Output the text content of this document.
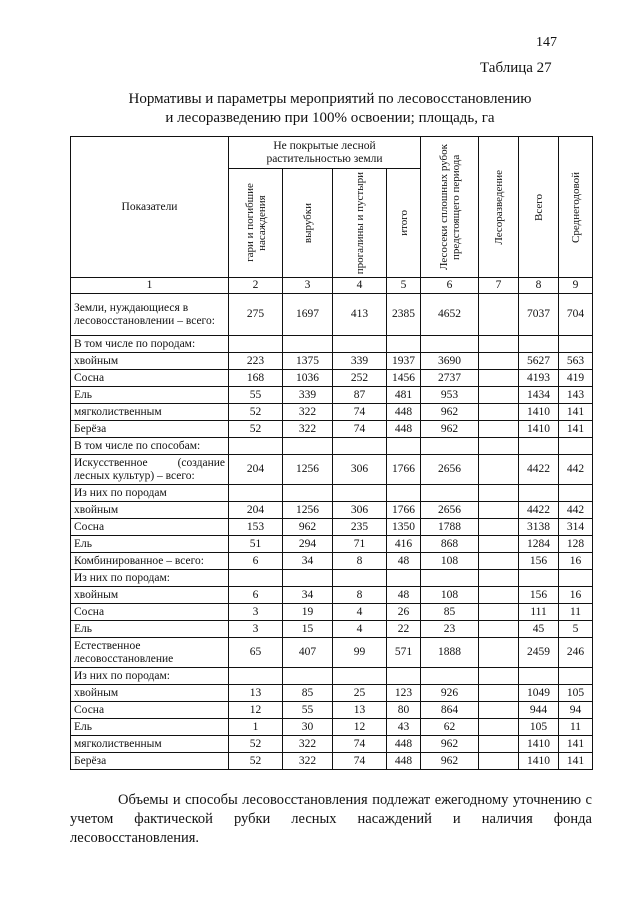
147
Таблица 27
Нормативы и параметры мероприятий по лесовосстановлению
и лесоразведению при 100% освоении; площадь, га
Показатели	Не покрытые лесной растительностью земли				Лесосеки сплошных рубок предстоящего периода	Лесоразведение	Всего	Среднегодовой

	гари и погибшие насаждения	вырубки	прогалины и пустыри	итого				

1	2	3	4	5	6	7	8	9
Земли, нуждающиеся в лесовосстановлении – всего:	275	1697	413	2385	4652		7037	704
В том числе по породам:								
хвойным	223	1375	339	1937	3690		5627	563
Сосна	168	1036	252	1456	2737		4193	419
Ель	55	339	87	481	953		1434	143
мягколиственным	52	322	74	448	962		1410	141
Берёза	52	322	74	448	962		1410	141
В том числе по способам:								
Искусственное (создание лесных культур) – всего:	204	1256	306	1766	2656		4422	442
Из них по породам								
хвойным	204	1256	306	1766	2656		4422	442
Сосна	153	962	235	1350	1788		3138	314
Ель	51	294	71	416	868		1284	128
Комбинированное – всего:	6	34	8	48	108		156	16
Из них по породам:								
хвойным	6	34	8	48	108		156	16
Сосна	3	19	4	26	85		111	11
Ель	3	15	4	22	23		45	5
Естественное лесовосстановление	65	407	99	571	1888		2459	246
Из них по породам:								
хвойным	13	85	25	123	926		1049	105
Сосна	12	55	13	80	864		944	94
Ель	1	30	12	43	62		105	11
мягколиственным	52	322	74	448	962		1410	141
Берёза	52	322	74	448	962		1410	141
Объемы и способы лесовосстановления подлежат ежегодному уточнению с учетом фактической рубки лесных насаждений и наличия фонда лесовосстановления.
